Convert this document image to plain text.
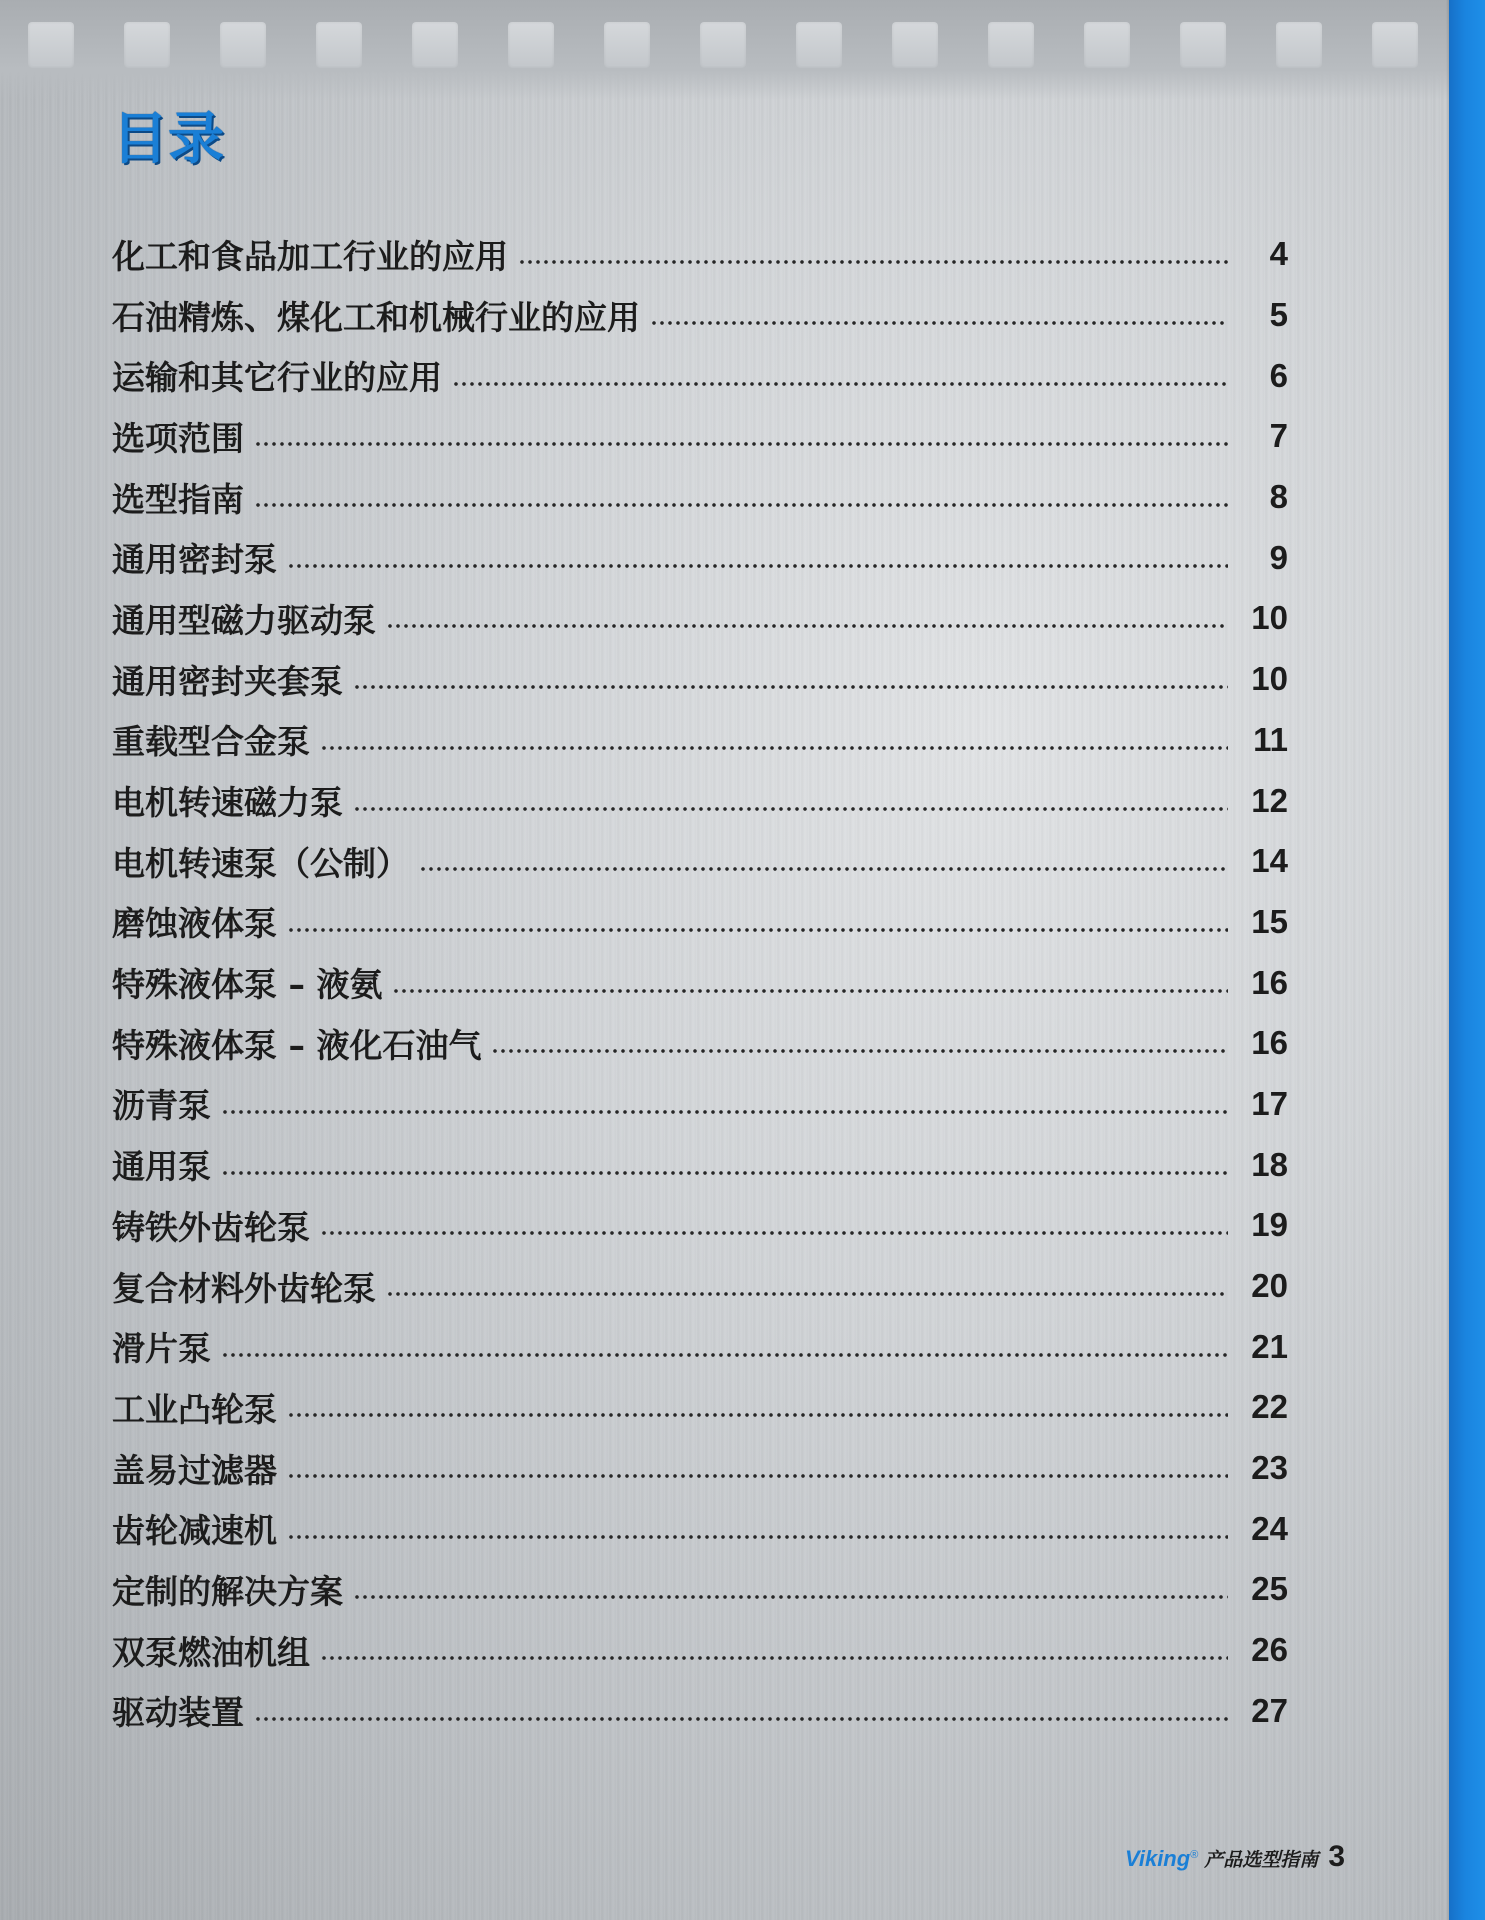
目录
化工和食品加工行业的应用	4
石油精炼、煤化工和机械行业的应用	5
运输和其它行业的应用	6
选项范围	7
选型指南	8
通用密封泵	9
通用型磁力驱动泵	10
通用密封夹套泵	10
重载型合金泵	11
电机转速磁力泵	12
电机转速泵（公制）	14
磨蚀液体泵	15
特殊液体泵 – 液氨	16
特殊液体泵 – 液化石油气	16
沥青泵	17
通用泵	18
铸铁外齿轮泵	19
复合材料外齿轮泵	20
滑片泵	21
工业凸轮泵	22
盖易过滤器	23
齿轮减速机	24
定制的解决方案	25
双泵燃油机组	26
驱动装置	27
Viking ® 产品选型指南 3
